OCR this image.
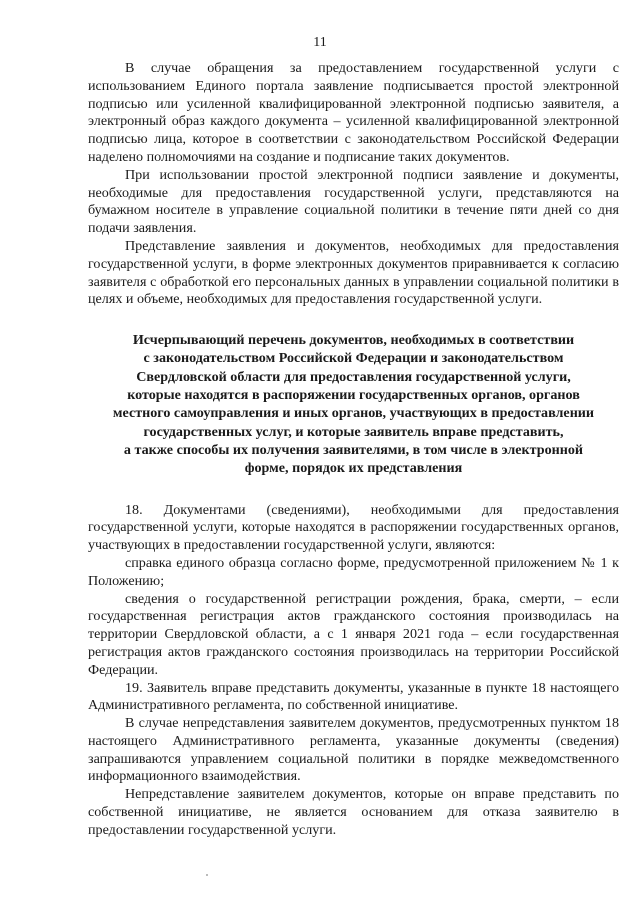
11

В случае обращения за предоставлением государственной услуги с использованием Единого портала заявление подписывается простой электронной подписью или усиленной квалифицированной электронной подписью заявителя, а электронный образ каждого документа – усиленной квалифицированной электронной подписью лица, которое в соответствии с законодательством Российской Федерации наделено полномочиями на создание и подписание таких документов.

При использовании простой электронной подписи заявление и документы, необходимые для предоставления государственной услуги, представляются на бумажном носителе в управление социальной политики в течение пяти дней со дня подачи заявления.

Представление заявления и документов, необходимых для предоставления государственной услуги, в форме электронных документов приравнивается к согласию заявителя с обработкой его персональных данных в управлении социальной политики в целях и объеме, необходимых для предоставления государственной услуги.

Исчерпывающий перечень документов, необходимых в соответствии
с законодательством Российской Федерации и законодательством
Свердловской области для предоставления государственной услуги,
которые находятся в распоряжении государственных органов, органов
местного самоуправления и иных органов, участвующих в предоставлении
государственных услуг, и которые заявитель вправе представить,
а также способы их получения заявителями, в том числе в электронной
форме, порядок их представления

18. Документами (сведениями), необходимыми для предоставления государственной услуги, которые находятся в распоряжении государственных органов, участвующих в предоставлении государственной услуги, являются:

справка единого образца согласно форме, предусмотренной приложением № 1 к Положению;

сведения о государственной регистрации рождения, брака, смерти, – если государственная регистрация актов гражданского состояния производилась на территории Свердловской области, а с 1 января 2021 года – если государственная регистрация актов гражданского состояния производилась на территории Российской Федерации.

19. Заявитель вправе представить документы, указанные в пункте 18 настоящего Административного регламента, по собственной инициативе.

В случае непредставления заявителем документов, предусмотренных пунктом 18 настоящего Административного регламента, указанные документы (сведения) запрашиваются управлением социальной политики в порядке межведомственного информационного взаимодействия.

Непредставление заявителем документов, которые он вправе представить по собственной инициативе, не является основанием для отказа заявителю в предоставлении государственной услуги.
